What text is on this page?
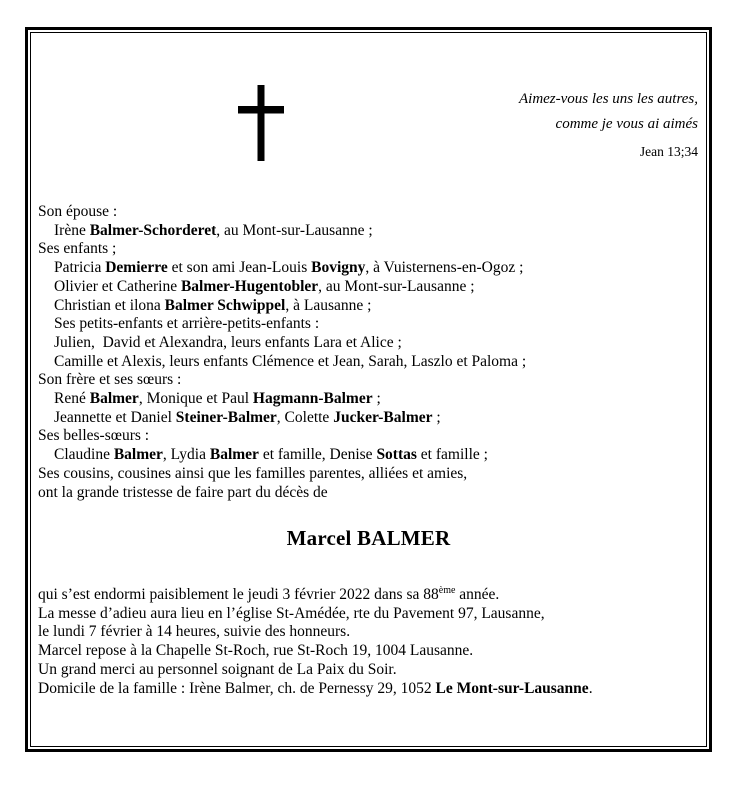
Aimez-vous les uns les autres,
comme je vous ai aimés
Jean 13;34
Son épouse :
Irène Balmer-Schorderet, au Mont-sur-Lausanne ;
Ses enfants ;
Patricia Demierre et son ami Jean-Louis Bovigny, à Vuisternens-en-Ogoz ;
Olivier et Catherine Balmer-Hugentobler, au Mont-sur-Lausanne ;
Christian et ilona Balmer Schwippel, à Lausanne ;
Ses petits-enfants et arrière-petits-enfants :
Julien,  David et Alexandra, leurs enfants Lara et Alice ;
Camille et Alexis, leurs enfants Clémence et Jean, Sarah, Laszlo et Paloma ;
Son frère et ses sœurs :
René Balmer, Monique et Paul Hagmann-Balmer ;
Jeannette et Daniel Steiner-Balmer, Colette Jucker-Balmer ;
Ses belles-sœurs :
Claudine Balmer, Lydia Balmer et famille, Denise Sottas et famille ;
Ses cousins, cousines ainsi que les familles parentes, alliées et amies,
ont la grande tristesse de faire part du décès de
Marcel BALMER
qui s’est endormi paisiblement le jeudi 3 février 2022 dans sa 88ème année.
La messe d’adieu aura lieu en l’église St-Amédée, rte du Pavement 97, Lausanne,
le lundi 7 février à 14 heures, suivie des honneurs.
Marcel repose à la Chapelle St-Roch, rue St-Roch 19, 1004 Lausanne.
Un grand merci au personnel soignant de La Paix du Soir.
Domicile de la famille : Irène Balmer, ch. de Pernessy 29, 1052 Le Mont-sur-Lausanne.
